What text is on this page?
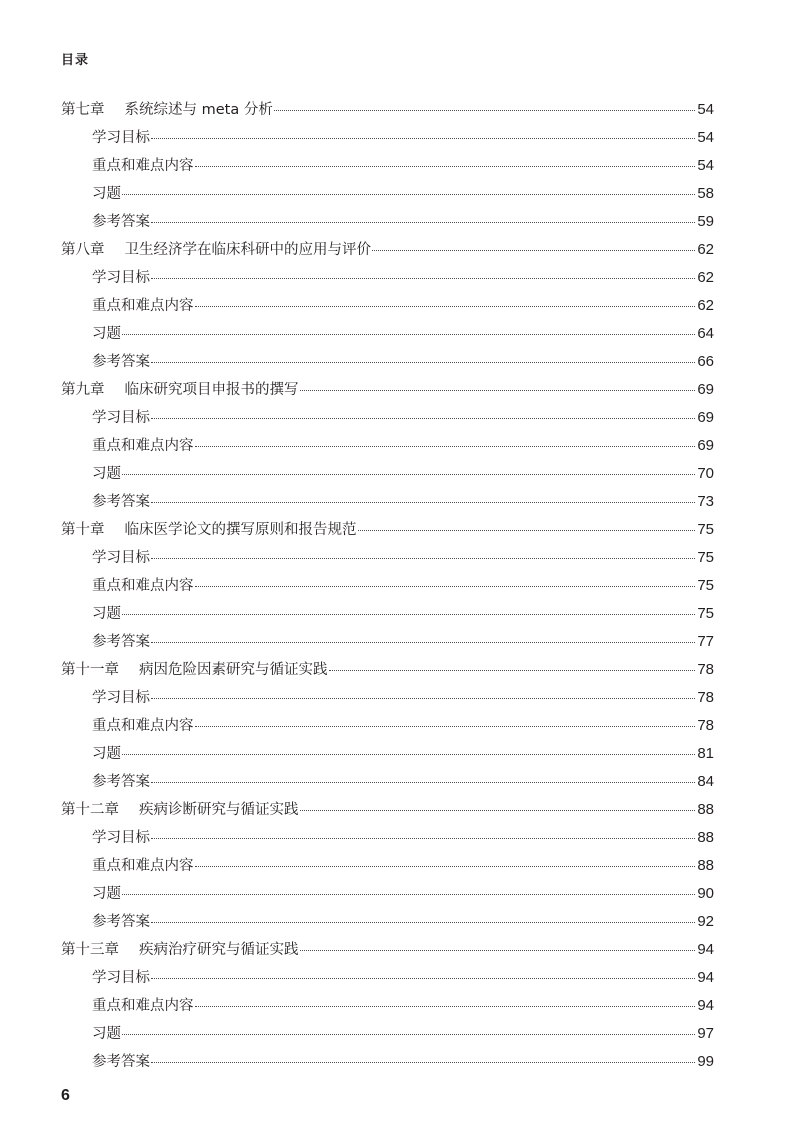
目录
第七章 系统综述与 meta 分析	54
学习目标	54
重点和难点内容	54
习题	58
参考答案	59
第八章 卫生经济学在临床科研中的应用与评价	62
学习目标	62
重点和难点内容	62
习题	64
参考答案	66
第九章 临床研究项目申报书的撰写	69
学习目标	69
重点和难点内容	69
习题	70
参考答案	73
第十章 临床医学论文的撰写原则和报告规范	75
学习目标	75
重点和难点内容	75
习题	75
参考答案	77
第十一章 病因危险因素研究与循证实践	78
学习目标	78
重点和难点内容	78
习题	81
参考答案	84
第十二章 疾病诊断研究与循证实践	88
学习目标	88
重点和难点内容	88
习题	90
参考答案	92
第十三章 疾病治疗研究与循证实践	94
学习目标	94
重点和难点内容	94
习题	97
参考答案	99
6
